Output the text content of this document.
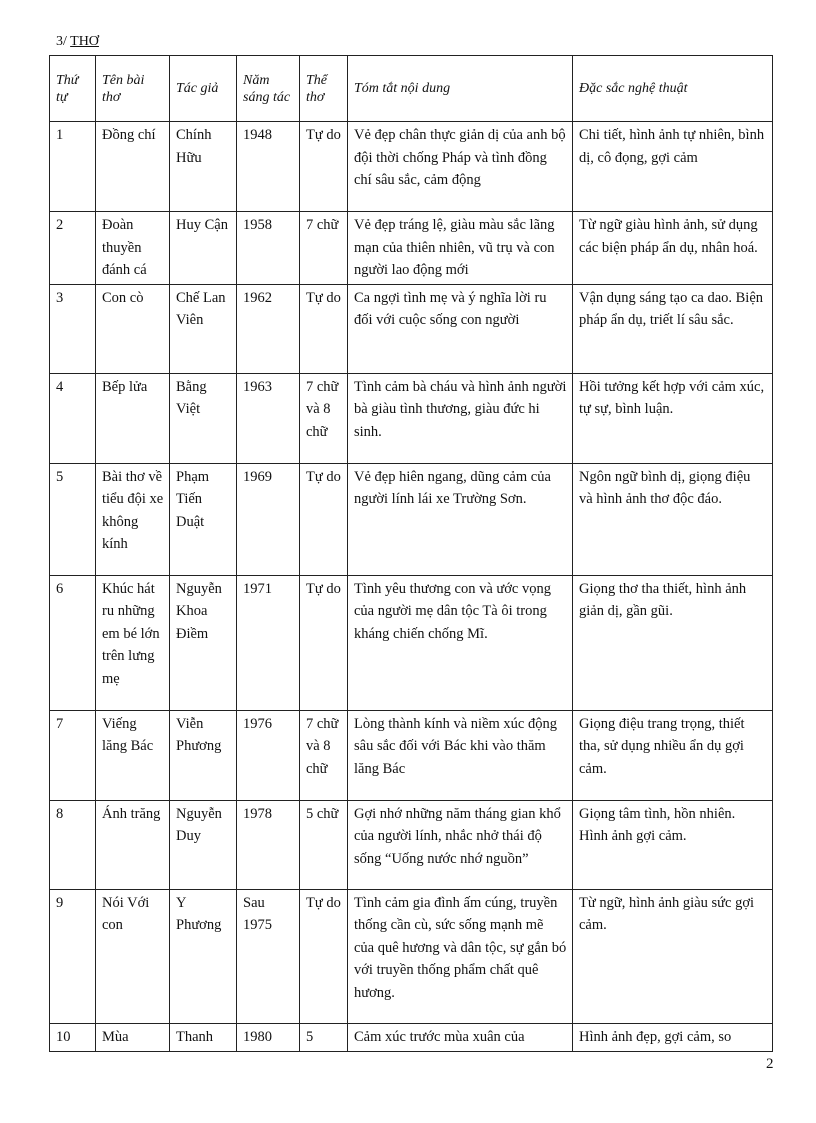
3/ THƠ
Thứ tự	Tên bài thơ	Tác giả	Năm sáng tác	Thể thơ	Tóm tắt nội dung	Đặc sắc nghệ thuật
1	Đồng chí	Chính Hữu	1948	Tự do	Vẻ đẹp chân thực giản dị của anh bộ đội thời chống Pháp và tình đồng chí sâu sắc, cảm động	Chi tiết, hình ảnh tự nhiên, bình dị, cô đọng, gợi cảm
2	Đoàn thuyền đánh cá	Huy Cận	1958	7 chữ	Vẻ đẹp tráng lệ, giàu màu sắc lãng mạn của thiên nhiên, vũ trụ và con người lao động mới	Từ ngữ giàu hình ảnh, sử dụng các biện pháp ẩn dụ, nhân hoá.
3	Con cò	Chế Lan Viên	1962	Tự do	Ca ngợi tình mẹ và ý nghĩa lời ru đối với cuộc sống con người	Vận dụng sáng tạo ca dao. Biện pháp ẩn dụ, triết lí sâu sắc.
4	Bếp lửa	Bằng Việt	1963	7 chữ và 8 chữ	Tình cảm bà cháu và hình ảnh người bà giàu tình thương, giàu đức hi sinh.	Hồi tưởng kết hợp với cảm xúc, tự sự, bình luận.
5	Bài thơ về tiểu đội xe không kính	Phạm Tiến Duật	1969	Tự do	Vẻ đẹp hiên ngang, dũng cảm của người lính lái xe Trường Sơn.	Ngôn ngữ bình dị, giọng điệu và hình ảnh thơ độc đáo.
6	Khúc hát ru những em bé lớn trên lưng mẹ	Nguyễn Khoa Điềm	1971	Tự do	Tình yêu thương con và ước vọng của người mẹ dân tộc Tà ôi trong kháng chiến chống Mĩ.	Giọng thơ tha thiết, hình ảnh giản dị, gần gũi.
7	Viếng lăng Bác	Viễn Phương	1976	7 chữ và 8 chữ	Lòng thành kính và niềm xúc động sâu sắc đối với Bác khi vào thăm lăng Bác	Giọng điệu trang trọng, thiết tha, sử dụng nhiều ẩn dụ gợi cảm.
8	Ánh trăng	Nguyễn Duy	1978	5 chữ	Gợi nhớ những năm tháng gian khổ của người lính, nhắc nhở thái độ sống “Uống nước nhớ nguồn”	Giọng tâm tình, hồn nhiên. Hình ảnh gợi cảm.
9	Nói Với con	Y Phương	Sau 1975	Tự do	Tình cảm gia đình ấm cúng, truyền thống cần cù, sức sống mạnh mẽ của quê hương và dân tộc, sự gắn bó với truyền thống phẩm chất quê hương.	Từ ngữ, hình ảnh giàu sức gợi cảm.
10	Mùa	Thanh	1980	5	Cảm xúc trước mùa xuân của	Hình ảnh đẹp, gợi cảm, so
2
